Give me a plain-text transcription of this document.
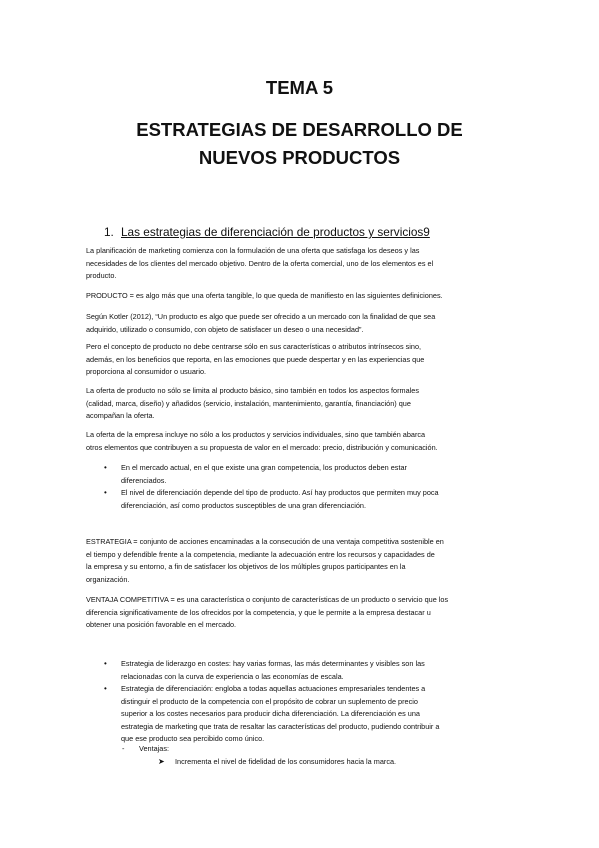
TEMA 5
ESTRATEGIAS DE DESARROLLO DE
NUEVOS PRODUCTOS
1. Las estrategias de diferenciación de productos y servicios9
La planificación de marketing comienza con la formulación de una oferta que satisfaga los deseos y las
necesidades de los clientes del mercado objetivo. Dentro de la oferta comercial, uno de los elementos es el
producto.
PRODUCTO = es algo más que una oferta tangible, lo que queda de manifiesto en las siguientes definiciones.
Según Kotler (2012), “Un producto es algo que puede ser ofrecido a un mercado con la finalidad de que sea
adquirido, utilizado o consumido, con objeto de satisfacer un deseo o una necesidad”.
Pero el concepto de producto no debe centrarse sólo en sus características o atributos intrínsecos sino,
además, en los beneficios que reporta, en las emociones que puede despertar y en las experiencias que
proporciona al consumidor o usuario.
La oferta de producto no sólo se limita al producto básico, sino también en todos los aspectos formales
(calidad, marca, diseño) y añadidos (servicio, instalación, mantenimiento, garantía, financiación) que
acompañan la oferta.
La oferta de la empresa incluye no sólo a los productos y servicios individuales, sino que también abarca
otros elementos que contribuyen a su propuesta de valor en el mercado: precio, distribución y comunicación.
• En el mercado actual, en el que existe una gran competencia, los productos deben estar
diferenciados.
• El nivel de diferenciación depende del tipo de producto. Así hay productos que permiten muy poca
diferenciación, así como productos susceptibles de una gran diferenciación.
ESTRATEGIA = conjunto de acciones encaminadas a la consecución de una ventaja competitiva sostenible en
el tiempo y defendible frente a la competencia, mediante la adecuación entre los recursos y capacidades de
la empresa y su entorno, a fin de satisfacer los objetivos de los múltiples grupos participantes en la
organización.
VENTAJA COMPETITIVA = es una característica o conjunto de características de un producto o servicio que los
diferencia significativamente de los ofrecidos por la competencia, y que le permite a la empresa destacar u
obtener una posición favorable en el mercado.
• Estrategia de liderazgo en costes: hay varias formas, las más determinantes y visibles son las
relacionadas con la curva de experiencia o las economías de escala.
• Estrategia de diferenciación: engloba a todas aquellas actuaciones empresariales tendentes a
distinguir el producto de la competencia con el propósito de cobrar un suplemento de precio
superior a los costes necesarios para producir dicha diferenciación. La diferenciación es una
estrategia de marketing que trata de resaltar las características del producto, pudiendo contribuir a
que ese producto sea percibido como único.
- Ventajas:
➤ Incrementa el nivel de fidelidad de los consumidores hacia la marca.
